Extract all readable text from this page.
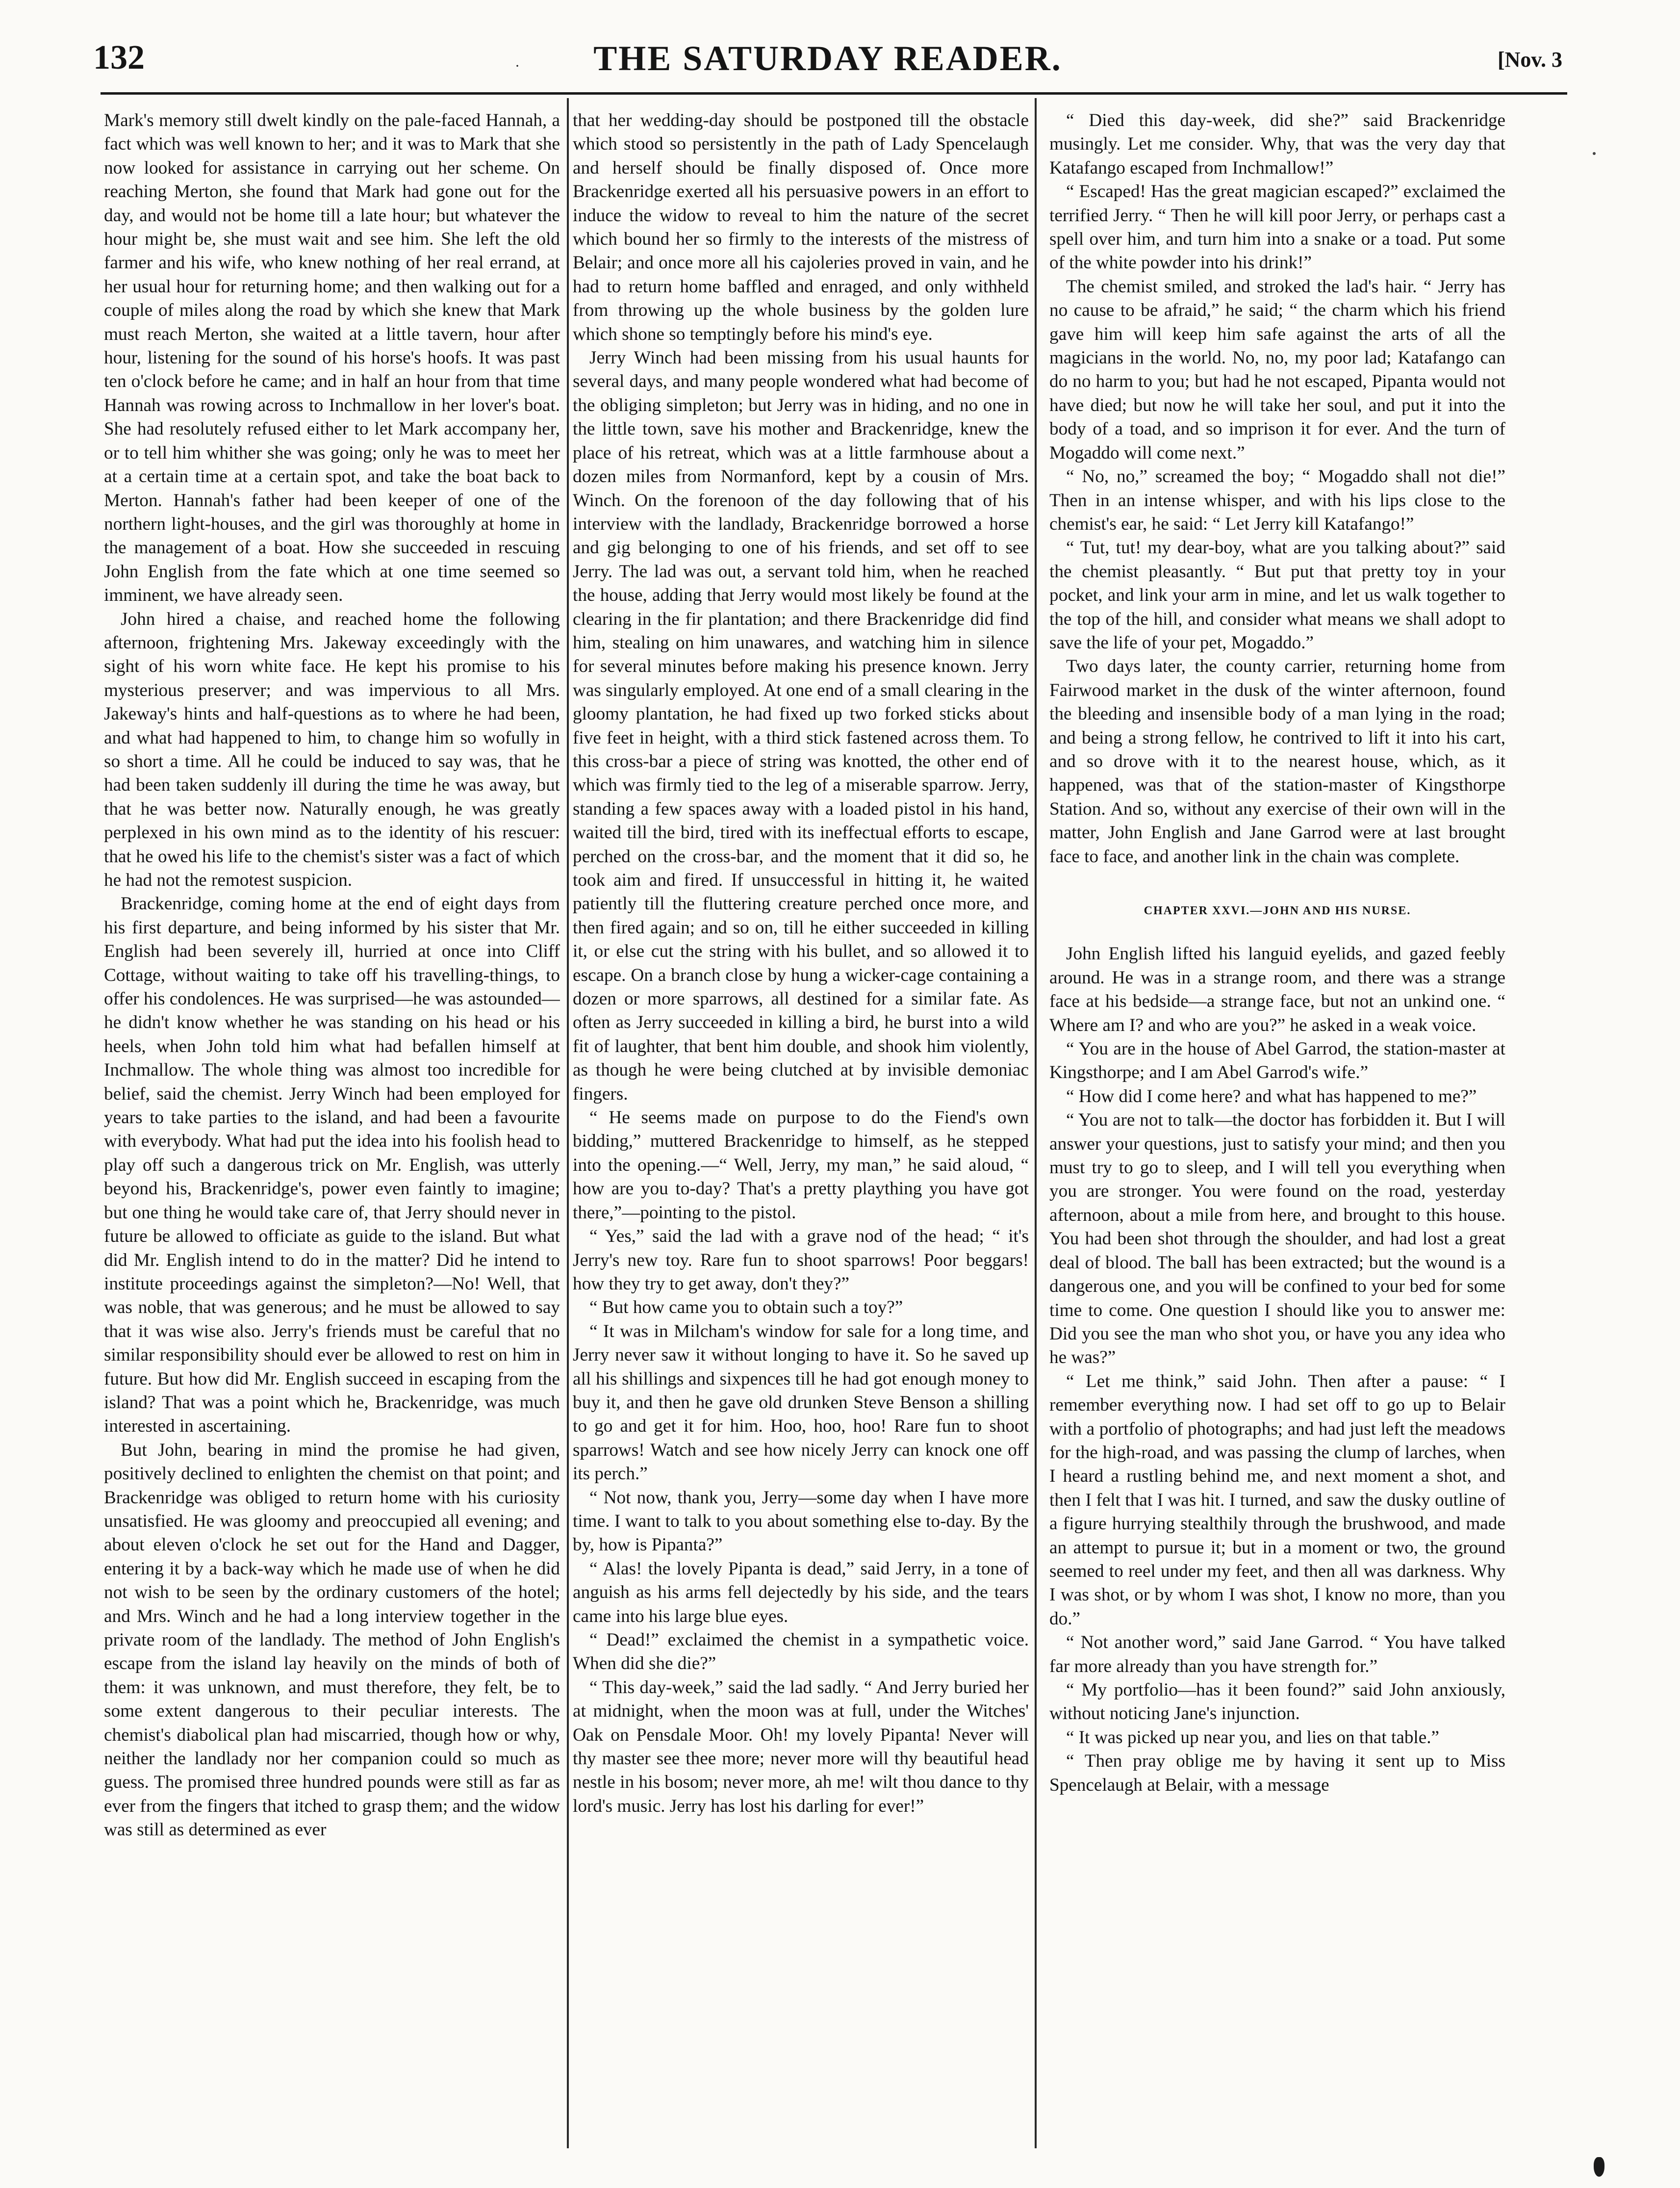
132	·	THE SATURDAY READER.	[Nov. 3

Mark's memory still dwelt kindly on the pale-faced Hannah, a fact which was well known to her; and it was to Mark that she now looked for assistance in carrying out her scheme. On reaching Merton, she found that Mark had gone out for the day, and would not be home till a late hour; but whatever the hour might be, she must wait and see him. She left the old farmer and his wife, who knew nothing of her real errand, at her usual hour for returning home; and then walking out for a couple of miles along the road by which she knew that Mark must reach Merton, she waited at a little tavern, hour after hour, listening for the sound of his horse's hoofs. It was past ten o'clock before he came; and in half an hour from that time Hannah was rowing across to Inchmallow in her lover's boat. She had resolutely refused either to let Mark accompany her, or to tell him whither she was going; only he was to meet her at a certain time at a certain spot, and take the boat back to Merton. Hannah's father had been keeper of one of the northern light-houses, and the girl was thoroughly at home in the management of a boat. How she succeeded in rescuing John English from the fate which at one time seemed so imminent, we have already seen.

John hired a chaise, and reached home the following afternoon, frightening Mrs. Jakeway exceedingly with the sight of his worn white face. He kept his promise to his mysterious preserver; and was impervious to all Mrs. Jakeway's hints and half-questions as to where he had been, and what had happened to him, to change him so wofully in so short a time. All he could be induced to say was, that he had been taken suddenly ill during the time he was away, but that he was better now. Naturally enough, he was greatly perplexed in his own mind as to the identity of his rescuer: that he owed his life to the chemist's sister was a fact of which he had not the remotest suspicion.

Brackenridge, coming home at the end of eight days from his first departure, and being informed by his sister that Mr. English had been severely ill, hurried at once into Cliff Cottage, without waiting to take off his travelling-things, to offer his condolences. He was surprised—he was astounded—he didn't know whether he was standing on his head or his heels, when John told him what had befallen himself at Inchmallow. The whole thing was almost too incredible for belief, said the chemist. Jerry Winch had been employed for years to take parties to the island, and had been a favourite with everybody. What had put the idea into his foolish head to play off such a dangerous trick on Mr. English, was utterly beyond his, Brackenridge's, power even faintly to imagine; but one thing he would take care of, that Jerry should never in future be allowed to officiate as guide to the island. But what did Mr. English intend to do in the matter? Did he intend to institute proceedings against the simpleton?—No! Well, that was noble, that was generous; and he must be allowed to say that it was wise also. Jerry's friends must be careful that no similar responsibility should ever be allowed to rest on him in future. But how did Mr. English succeed in escaping from the island? That was a point which he, Brackenridge, was much interested in ascertaining.

But John, bearing in mind the promise he had given, positively declined to enlighten the chemist on that point; and Brackenridge was obliged to return home with his curiosity unsatisfied. He was gloomy and preoccupied all evening; and about eleven o'clock he set out for the Hand and Dagger, entering it by a back-way which he made use of when he did not wish to be seen by the ordinary customers of the hotel; and Mrs. Winch and he had a long interview together in the private room of the landlady. The method of John English's escape from the island lay heavily on the minds of both of them: it was unknown, and must therefore, they felt, be to some extent dangerous to their peculiar interests. The chemist's diabolical plan had miscarried, though how or why, neither the landlady nor her companion could so much as guess. The promised three hundred pounds were still as far as ever from the fingers that itched to grasp them; and the widow was still as determined as ever

that her wedding-day should be postponed till the obstacle which stood so persistently in the path of Lady Spencelaugh and herself should be finally disposed of. Once more Brackenridge exerted all his persuasive powers in an effort to induce the widow to reveal to him the nature of the secret which bound her so firmly to the interests of the mistress of Belair; and once more all his cajoleries proved in vain, and he had to return home baffled and enraged, and only withheld from throwing up the whole business by the golden lure which shone so temptingly before his mind's eye.

Jerry Winch had been missing from his usual haunts for several days, and many people wondered what had become of the obliging simpleton; but Jerry was in hiding, and no one in the little town, save his mother and Brackenridge, knew the place of his retreat, which was at a little farmhouse about a dozen miles from Normanford, kept by a cousin of Mrs. Winch. On the forenoon of the day following that of his interview with the landlady, Brackenridge borrowed a horse and gig belonging to one of his friends, and set off to see Jerry. The lad was out, a servant told him, when he reached the house, adding that Jerry would most likely be found at the clearing in the fir plantation; and there Brackenridge did find him, stealing on him unawares, and watching him in silence for several minutes before making his presence known. Jerry was singularly employed. At one end of a small clearing in the gloomy plantation, he had fixed up two forked sticks about five feet in height, with a third stick fastened across them. To this cross-bar a piece of string was knotted, the other end of which was firmly tied to the leg of a miserable sparrow. Jerry, standing a few spaces away with a loaded pistol in his hand, waited till the bird, tired with its ineffectual efforts to escape, perched on the cross-bar, and the moment that it did so, he took aim and fired. If unsuccessful in hitting it, he waited patiently till the fluttering creature perched once more, and then fired again; and so on, till he either succeeded in killing it, or else cut the string with his bullet, and so allowed it to escape. On a branch close by hung a wicker-cage containing a dozen or more sparrows, all destined for a similar fate. As often as Jerry succeeded in killing a bird, he burst into a wild fit of laughter, that bent him double, and shook him violently, as though he were being clutched at by invisible demoniac fingers.

“ He seems made on purpose to do the Fiend's own bidding,” muttered Brackenridge to himself, as he stepped into the opening.—“ Well, Jerry, my man,” he said aloud, “ how are you to-day? That's a pretty plaything you have got there,”—pointing to the pistol.

“ Yes,” said the lad with a grave nod of the head; “ it's Jerry's new toy. Rare fun to shoot sparrows! Poor beggars! how they try to get away, don't they?”

“ But how came you to obtain such a toy?”

“ It was in Milcham's window for sale for a long time, and Jerry never saw it without longing to have it. So he saved up all his shillings and sixpences till he had got enough money to buy it, and then he gave old drunken Steve Benson a shilling to go and get it for him. Hoo, hoo, hoo! Rare fun to shoot sparrows! Watch and see how nicely Jerry can knock one off its perch.”

“ Not now, thank you, Jerry—some day when I have more time. I want to talk to you about something else to-day. By the by, how is Pipanta?”

“ Alas! the lovely Pipanta is dead,” said Jerry, in a tone of anguish as his arms fell dejectedly by his side, and the tears came into his large blue eyes.

“ Dead!” exclaimed the chemist in a sympathetic voice. When did she die?”

“ This day-week,” said the lad sadly. “ And Jerry buried her at midnight, when the moon was at full, under the Witches' Oak on Pensdale Moor. Oh! my lovely Pipanta! Never will thy master see thee more; never more will thy beautiful head nestle in his bosom; never more, ah me! wilt thou dance to thy lord's music. Jerry has lost his darling for ever!”

“ Died this day-week, did she?” said Brackenridge musingly. Let me consider. Why, that was the very day that Katafango escaped from Inchmallow!”

“ Escaped! Has the great magician escaped?” exclaimed the terrified Jerry. “ Then he will kill poor Jerry, or perhaps cast a spell over him, and turn him into a snake or a toad. Put some of the white powder into his drink!”

The chemist smiled, and stroked the lad's hair. “ Jerry has no cause to be afraid,” he said; “ the charm which his friend gave him will keep him safe against the arts of all the magicians in the world. No, no, my poor lad; Katafango can do no harm to you; but had he not escaped, Pipanta would not have died; but now he will take her soul, and put it into the body of a toad, and so imprison it for ever. And the turn of Mogaddo will come next.”

“ No, no,” screamed the boy; “ Mogaddo shall not die!” Then in an intense whisper, and with his lips close to the chemist's ear, he said: “ Let Jerry kill Katafango!”

“ Tut, tut! my dear-boy, what are you talking about?” said the chemist pleasantly. “ But put that pretty toy in your pocket, and link your arm in mine, and let us walk together to the top of the hill, and consider what means we shall adopt to save the life of your pet, Mogaddo.”

Two days later, the county carrier, returning home from Fairwood market in the dusk of the winter afternoon, found the bleeding and insensible body of a man lying in the road; and being a strong fellow, he contrived to lift it into his cart, and so drove with it to the nearest house, which, as it happened, was that of the station-master of Kingsthorpe Station. And so, without any exercise of their own will in the matter, John English and Jane Garrod were at last brought face to face, and another link in the chain was complete.

CHAPTER XXVI.—JOHN AND HIS NURSE.

John English lifted his languid eyelids, and gazed feebly around. He was in a strange room, and there was a strange face at his bedside—a strange face, but not an unkind one. “ Where am I? and who are you?” he asked in a weak voice.

“ You are in the house of Abel Garrod, the station-master at Kingsthorpe; and I am Abel Garrod's wife.”

“ How did I come here? and what has happened to me?”

“ You are not to talk—the doctor has forbidden it. But I will answer your questions, just to satisfy your mind; and then you must try to go to sleep, and I will tell you everything when you are stronger. You were found on the road, yesterday afternoon, about a mile from here, and brought to this house. You had been shot through the shoulder, and had lost a great deal of blood. The ball has been extracted; but the wound is a dangerous one, and you will be confined to your bed for some time to come. One question I should like you to answer me: Did you see the man who shot you, or have you any idea who he was?”

“ Let me think,” said John. Then after a pause: “ I remember everything now. I had set off to go up to Belair with a portfolio of photographs; and had just left the meadows for the high-road, and was passing the clump of larches, when I heard a rustling behind me, and next moment a shot, and then I felt that I was hit. I turned, and saw the dusky outline of a figure hurrying stealthily through the brushwood, and made an attempt to pursue it; but in a moment or two, the ground seemed to reel under my feet, and then all was darkness. Why I was shot, or by whom I was shot, I know no more, than you do.”

“ Not another word,” said Jane Garrod. “ You have talked far more already than you have strength for.”

“ My portfolio—has it been found?” said John anxiously, without noticing Jane's injunction.

“ It was picked up near you, and lies on that table.”

“ Then pray oblige me by having it sent up to Miss Spencelaugh at Belair, with a message
